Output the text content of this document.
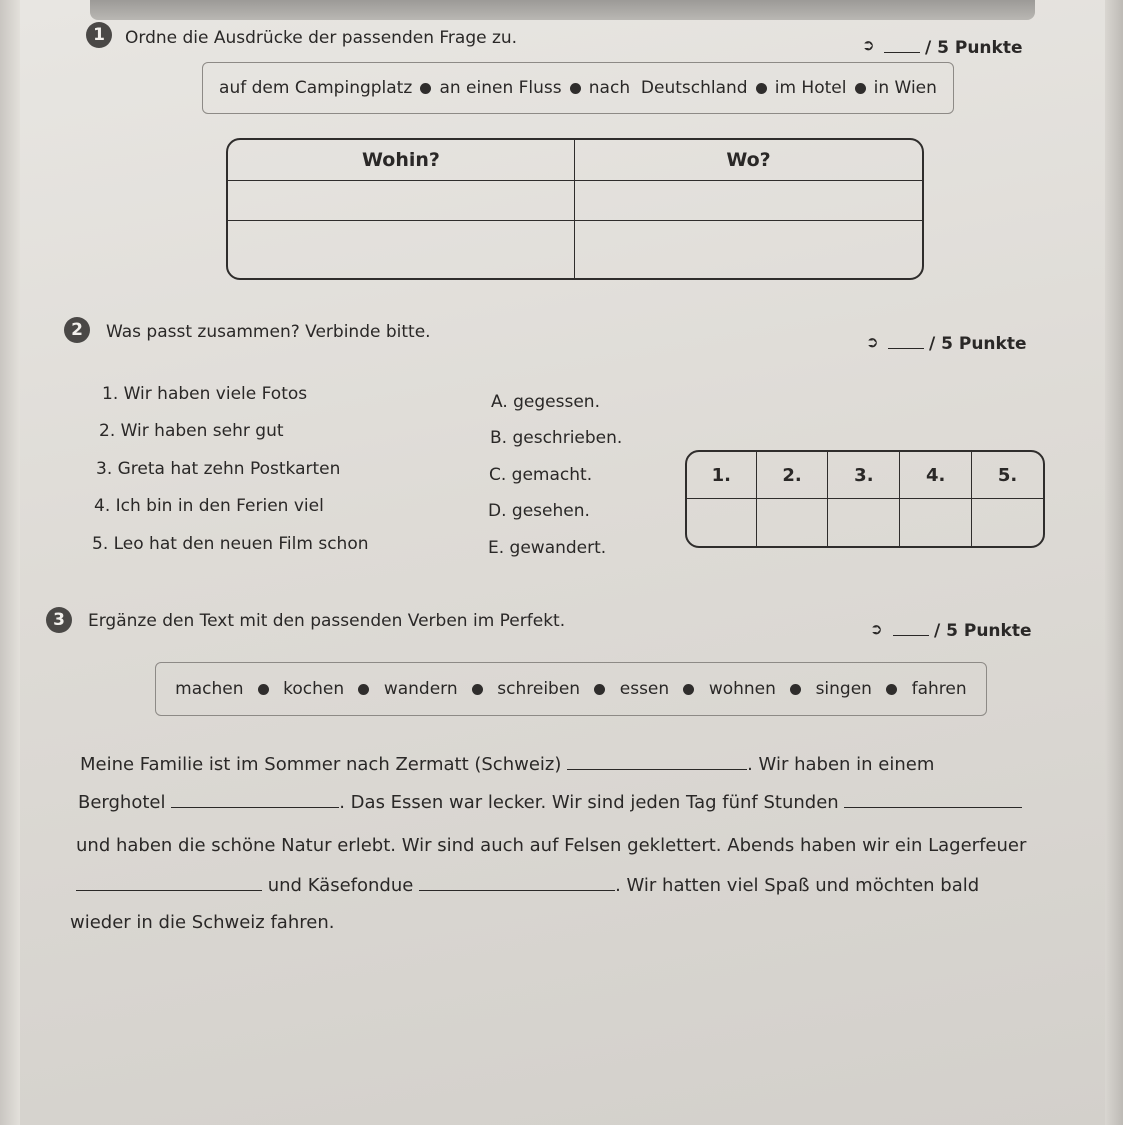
1	Ordne die Ausdrücke der passenden Frage zu.	➲	/ 5 Punkte
auf dem Campingplatz an einen Fluss nach  Deutschland im Hotel in Wien
Wohin?	Wo?

2	Was passt zusammen? Verbinde bitte.	➲	/ 5 Punkte
1. Wir haben viele Fotos
2. Wir haben sehr gut
3. Greta hat zehn Postkarten
4. Ich bin in den Ferien viel
5. Leo hat den neuen Film schon
A. gegessen.
B. geschrieben.
C. gemacht.
D. gesehen.
E. gewandert.
1.	2.	3.	4.	5.

3	Ergänze den Text mit den passenden Verben im Perfekt.	➲	/ 5 Punkte
machen kochen wandern schreiben essen wohnen singen fahren
Meine Familie ist im Sommer nach Zermatt (Schweiz)	. Wir haben in einem
Berghotel	. Das Essen war lecker. Wir sind jeden Tag fünf Stunden
und haben die schöne Natur erlebt. Wir sind auch auf Felsen geklettert. Abends haben wir ein Lagerfeuer
und Käsefondue	. Wir hatten viel Spaß und möchten bald
wieder in die Schweiz fahren.
